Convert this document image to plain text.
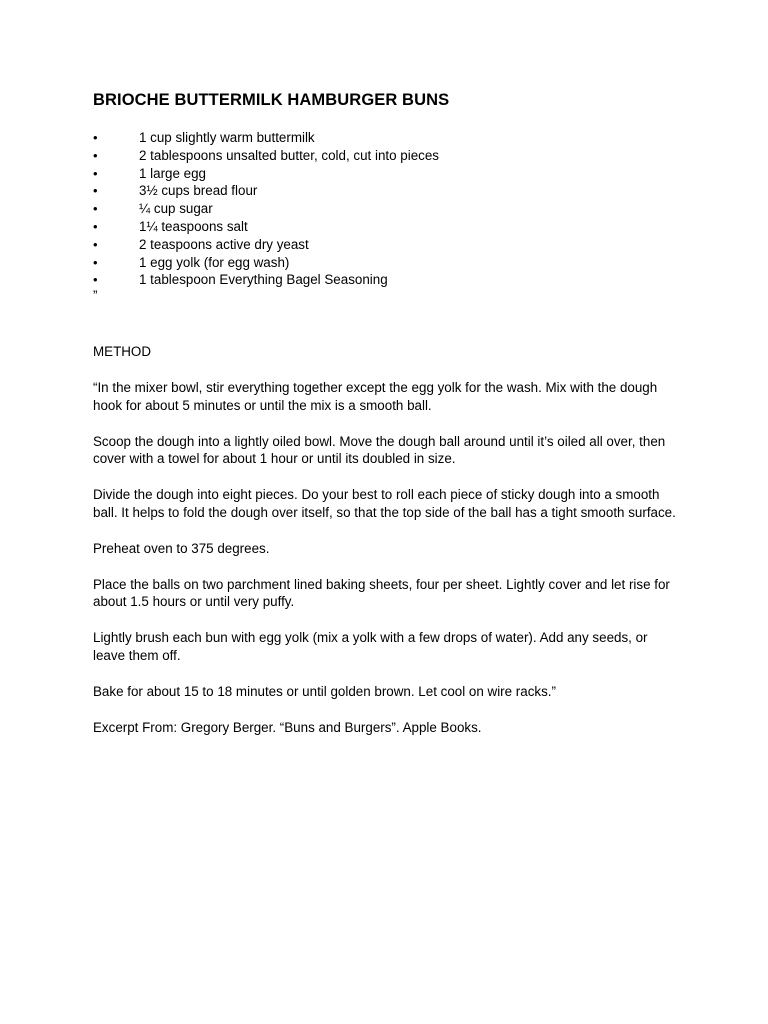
BRIOCHE BUTTERMILK HAMBURGER BUNS
•	1 cup slightly warm buttermilk
•	2 tablespoons unsalted butter, cold, cut into pieces
•	1 large egg
•	3½ cups bread flour
•	¼ cup sugar
•	1¼ teaspoons salt
•	2 teaspoons active dry yeast
•	1 egg yolk (for egg wash)
•	1 tablespoon Everything Bagel Seasoning
”
METHOD

“In the mixer bowl, stir everything together except the egg yolk for the wash. Mix with the dough hook for about 5 minutes or until the mix is a smooth ball.

Scoop the dough into a lightly oiled bowl. Move the dough ball around until it’s oiled all over, then cover with a towel for about 1 hour or until its doubled in size.

Divide the dough into eight pieces. Do your best to roll each piece of sticky dough into a smooth ball. It helps to fold the dough over itself, so that the top side of the ball has a tight smooth surface.

Preheat oven to 375 degrees.

Place the balls on two parchment lined baking sheets, four per sheet. Lightly cover and let rise for about 1.5 hours or until very puffy.

Lightly brush each bun with egg yolk (mix a yolk with a few drops of water). Add any seeds, or leave them off.

Bake for about 15 to 18 minutes or until golden brown. Let cool on wire racks.”

Excerpt From: Gregory Berger. “Buns and Burgers”. Apple Books.
